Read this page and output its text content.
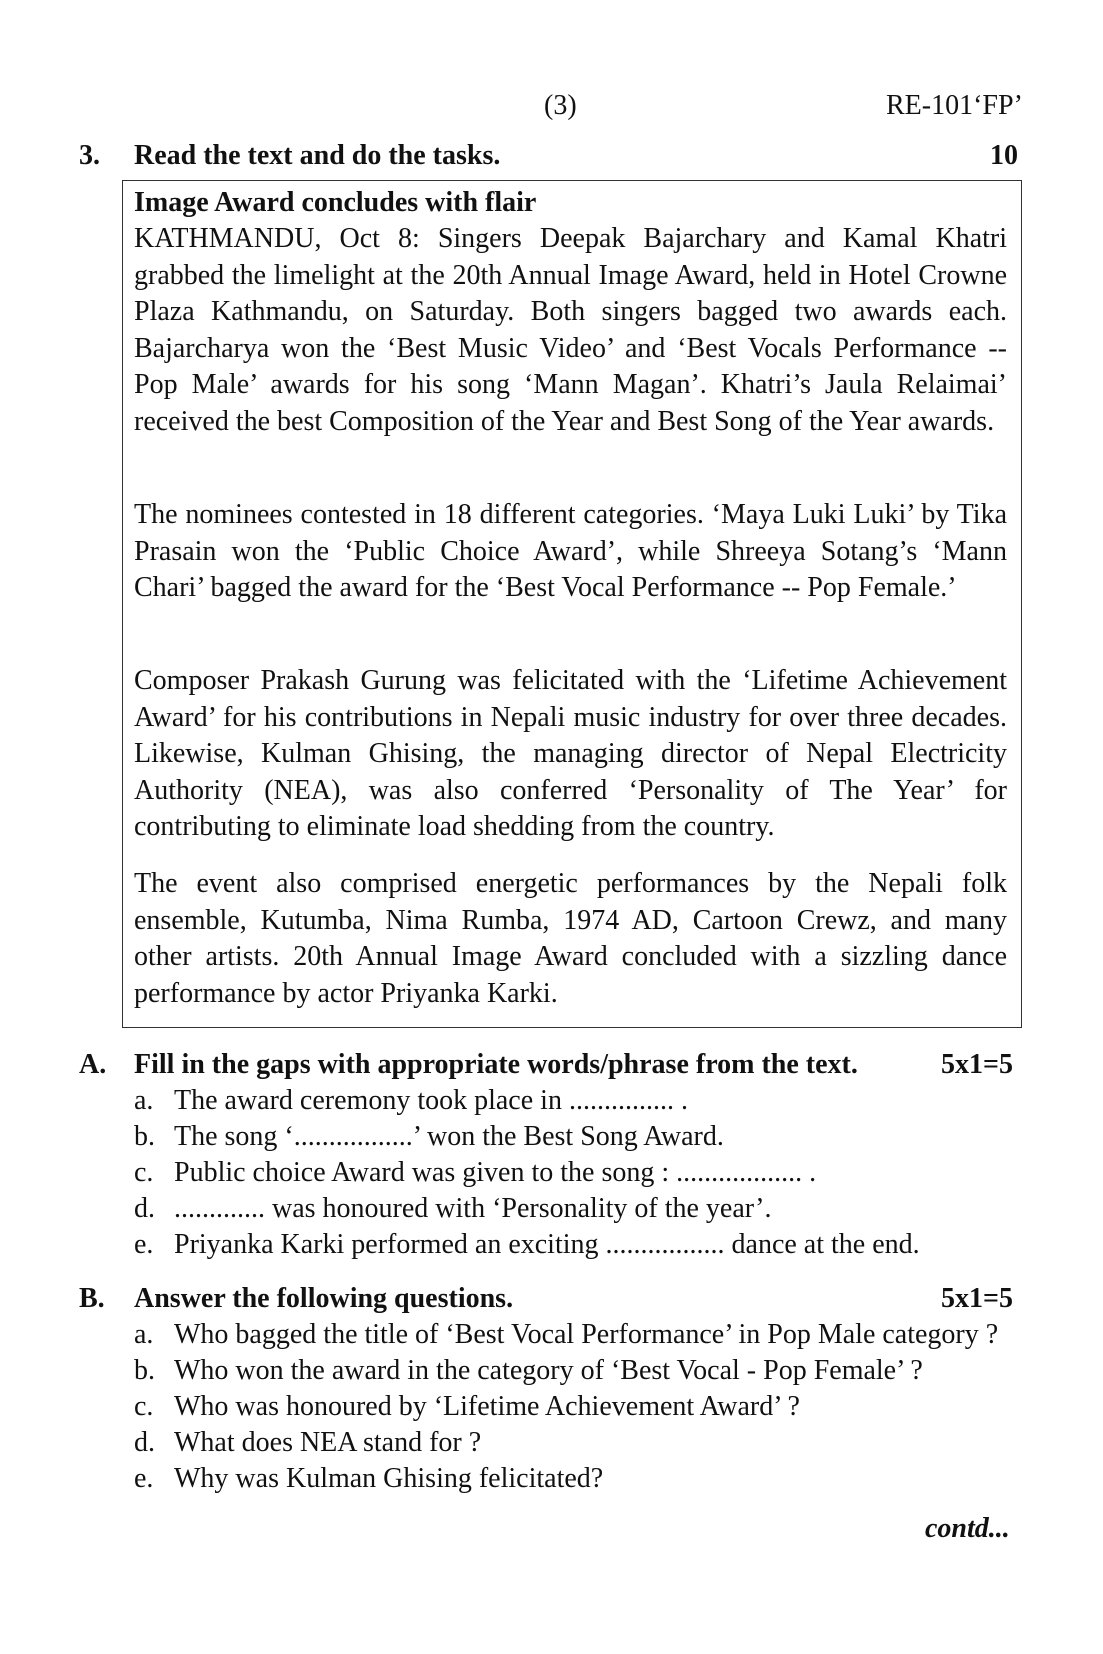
(3)	RE-101‘FP’
3. Read the text and do the tasks.	10
Image Award concludes with flair

KATHMANDU, Oct 8: Singers Deepak Bajarchary and Kamal Khatri grabbed the limelight at the 20th Annual Image Award, held in Hotel Crowne Plaza Kathmandu, on Saturday. Both singers bagged two awards each. Bajarcharya won the ‘Best Music Video’ and ‘Best Vocals Performance -- Pop Male’ awards for his song ‘Mann Magan’. Khatri’s Jaula Relaimai’ received the best Composition of the Year and Best Song of the Year awards.

The nominees contested in 18 different categories. ‘Maya Luki Luki’ by Tika Prasain won the ‘Public Choice Award’, while Shreeya Sotang’s ‘Mann Chari’ bagged the award for the ‘Best Vocal Performance -- Pop Female.’

Composer Prakash Gurung was felicitated with the ‘Lifetime Achievement Award’ for his contributions in Nepali music industry for over three decades. Likewise, Kulman Ghising, the managing director of Nepal Electricity Authority (NEA), was also conferred ‘Personality of The Year’ for contributing to eliminate load shedding from the country.

The event also comprised energetic performances by the Nepali folk ensemble, Kutumba, Nima Rumba, 1974 AD, Cartoon Crewz, and many other artists. 20th Annual Image Award concluded with a sizzling dance performance by actor Priyanka Karki.

A. Fill in the gaps with appropriate words/phrase from the text.	5x1=5
a. The award ceremony took place in ............... .
b. The song ‘.................’ won the Best Song Award.
c. Public choice Award was given to the song : .................. .
d. ............. was honoured with ‘Personality of the year’.
e. Priyanka Karki performed an exciting ................. dance at the end.
B. Answer the following questions.	5x1=5
a. Who bagged the title of ‘Best Vocal Performance’ in Pop Male category ?
b. Who won the award in the category of ‘Best Vocal - Pop Female’ ?
c. Who was honoured by ‘Lifetime Achievement Award’ ?
d. What does NEA stand for ?
e. Why was Kulman Ghising felicitated?
contd...
